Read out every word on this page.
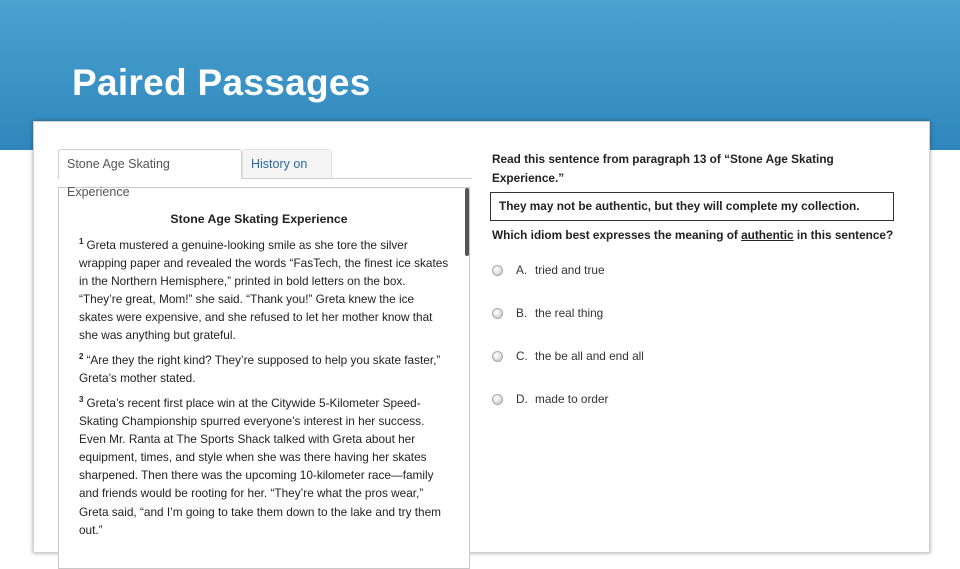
Paired Passages
Stone Age Skating Experience
History on
Stone Age Skating Experience
$^1$ Greta mustered a genuine-looking smile as she tore the silver wrapping paper and revealed the words “FasTech, the finest ice skates in the Northern Hemisphere,” printed in bold letters on the box. “They’re great, Mom!” she said. “Thank you!” Greta knew the ice skates were expensive, and she refused to let her mother know that she was anything but grateful.
$^2$ “Are they the right kind? They’re supposed to help you skate faster,” Greta’s mother stated.
$^3$ Greta’s recent first place win at the Citywide 5-Kilometer Speed-Skating Championship spurred everyone’s interest in her success. Even Mr. Ranta at The Sports Shack talked with Greta about her equipment, times, and style when she was there having her skates sharpened. Then there was the upcoming 10-kilometer race—family and friends would be rooting for her. “They’re what the pros wear,” Greta said, “and I’m going to take them down to the lake and try them out.”
Read this sentence from paragraph 13 of “Stone Age Skating Experience.”
They may not be authentic, but they will complete my collection.
Which idiom best expresses the meaning of authentic in this sentence?
A. tried and true
B. the real thing
C. the be all and end all
D. made to order
